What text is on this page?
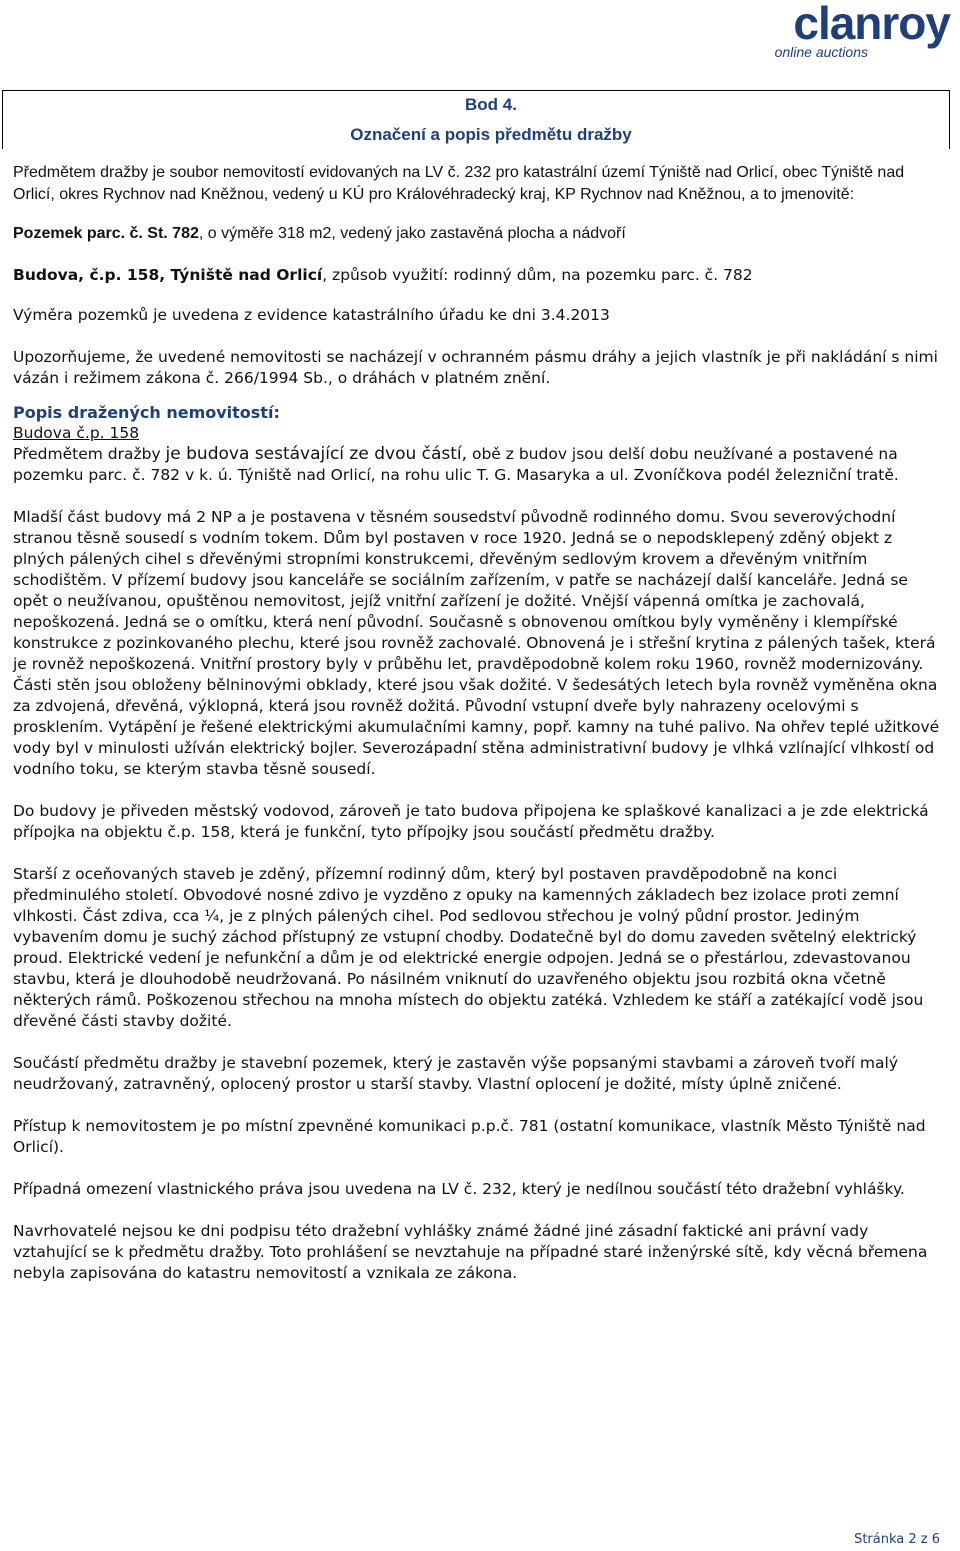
clanroy
online auctions
Bod 4.
Označení a popis předmětu dražby

Předmětem dražby je soubor nemovitostí evidovaných na LV č. 232 pro katastrální území Týniště nad Orlicí, obec Týniště nad Orlicí, okres Rychnov nad Kněžnou, vedený u KÚ pro Královéhradecký kraj, KP Rychnov nad Kněžnou, a to jmenovitě:

Pozemek parc. č. St. 782, o výměře 318 m2, vedený jako zastavěná plocha a nádvoří

Budova, č.p. 158, Týniště nad Orlicí, způsob využití: rodinný dům, na pozemku parc. č. 782

Výměra pozemků je uvedena z evidence katastrálního úřadu ke dni 3.4.2013

Upozorňujeme, že uvedené nemovitosti se nacházejí v ochranném pásmu dráhy a jejich vlastník je při nakládání s nimi vázán i režimem zákona č. 266/1994 Sb., o dráhách v platném znění.

Popis dražených nemovitostí:

Budova č.p. 158

Předmětem dražby je budova sestávající ze dvou částí, obě z budov jsou delší dobu neužívané a postavené na pozemku parc. č. 782 v k. ú. Týniště nad Orlicí, na rohu ulic T. G. Masaryka a ul. Zvoníčkova podél železniční tratě.

Mladší část budovy má 2 NP a je postavena v těsném sousedství původně rodinného domu. Svou severovýchodní stranou těsně sousedí s vodním tokem. Dům byl postaven v roce 1920. Jedná se o nepodsklepený zděný objekt z plných pálených cihel s dřevěnými stropními konstrukcemi, dřevěným sedlovým krovem a dřevěným vnitřním schodištěm. V přízemí budovy jsou kanceláře se sociálním zařízením, v patře se nacházejí další kanceláře. Jedná se opět o neužívanou, opuštěnou nemovitost, jejíž vnitřní zařízení je dožité. Vnější vápenná omítka je zachovalá, nepoškozená. Jedná se o omítku, která není původní. Současně s obnovenou omítkou byly vyměněny i klempířské konstrukce z pozinkovaného plechu, které jsou rovněž zachovalé. Obnovená je i střešní krytina z pálených tašek, která je rovněž nepoškozená. Vnitřní prostory byly v průběhu let, pravděpodobně kolem roku 1960, rovněž modernizovány. Části stěn jsou obloženy bělninovými obklady, které jsou však dožité. V šedesátých letech byla rovněž vyměněna okna za zdvojená, dřevěná, výklopná, která jsou rovněž dožitá. Původní vstupní dveře byly nahrazeny ocelovými s prosklením. Vytápění je řešené elektrickými akumulačními kamny, popř. kamny na tuhé palivo. Na ohřev teplé užitkové vody byl v minulosti užíván elektrický bojler. Severozápadní stěna administrativní budovy je vlhká vzlínající vlhkostí od vodního toku, se kterým stavba těsně sousedí.

Do budovy je přiveden městský vodovod, zároveň je tato budova připojena ke splaškové kanalizaci a je zde elektrická přípojka na objektu č.p. 158, která je funkční, tyto přípojky jsou součástí předmětu dražby.

Starší z oceňovaných staveb je zděný, přízemní rodinný dům, který byl postaven pravděpodobně na konci předminulého století. Obvodové nosné zdivo je vyzděno z opuky na kamenných základech bez izolace proti zemní vlhkosti. Část zdiva, cca ¼, je z plných pálených cihel. Pod sedlovou střechou je volný půdní prostor. Jediným vybavením domu je suchý záchod přístupný ze vstupní chodby. Dodatečně byl do domu zaveden světelný elektrický proud. Elektrické vedení je nefunkční a dům je od elektrické energie odpojen. Jedná se o přestárlou, zdevastovanou stavbu, která je dlouhodobě neudržovaná. Po násilném vniknutí do uzavřeného objektu jsou rozbitá okna včetně některých rámů. Poškozenou střechou na mnoha místech do objektu zatéká. Vzhledem ke stáří a zatékající vodě jsou dřevěné části stavby dožité.

Součástí předmětu dražby je stavební pozemek, který je zastavěn výše popsanými stavbami a zároveň tvoří malý neudržovaný, zatravněný, oplocený prostor u starší stavby. Vlastní oplocení je dožité, místy úplně zničené.

Přístup k nemovitostem je po místní zpevněné komunikaci p.p.č. 781 (ostatní komunikace, vlastník Město Týniště nad Orlicí).

Případná omezení vlastnického práva jsou uvedena na LV č. 232, který je nedílnou součástí této dražební vyhlášky.

Navrhovatelé nejsou ke dni podpisu této dražební vyhlášky známé žádné jiné zásadní faktické ani právní vady vztahující se k předmětu dražby. Toto prohlášení se nevztahuje na případné staré inženýrské sítě, kdy věcná břemena nebyla zapisována do katastru nemovitostí a vznikala ze zákona.

Stránka 2 z 6
